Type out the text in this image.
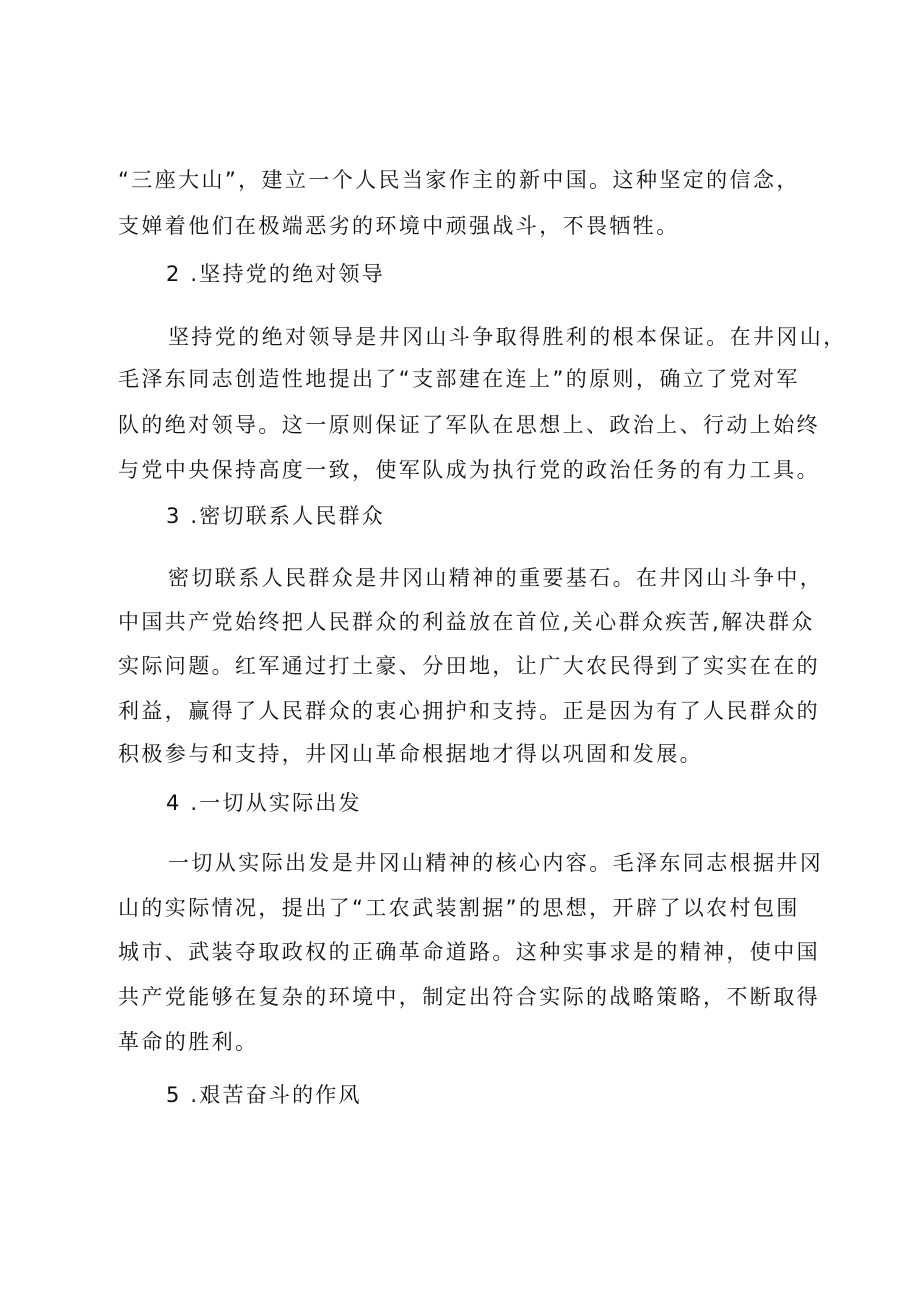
“三座大山”，建立一个人民当家作主的新中国。这种坚定的信念，
支婵着他们在极端恶劣的环境中顽强战斗，不畏牺牲。
2 .坚持党的绝对领导
坚持党的绝对领导是井冈山斗争取得胜利的根本保证。在井冈山，
毛泽东同志创造性地提出了“支部建在连上”的原则，确立了党对军
队的绝对领导。这一原则保证了军队在思想上、政治上、行动上始终
与党中央保持高度一致，使军队成为执行党的政治任务的有力工具。
3 .密切联系人民群众
密切联系人民群众是井冈山精神的重要基石。在井冈山斗争中，
中国共产党始终把人民群众的利益放在首位,关心群众疾苦,解决群众
实际问题。红军通过打土豪、分田地，让广大农民得到了实实在在的
利益，赢得了人民群众的衷心拥护和支持。正是因为有了人民群众的
积极参与和支持，井冈山革命根据地才得以巩固和发展。
4 .一切从实际出发
一切从实际出发是井冈山精神的核心内容。毛泽东同志根据井冈
山的实际情况，提出了“工农武装割据”的思想，开辟了以农村包围
城市、武装夺取政权的正确革命道路。这种实事求是的精神，使中国
共产党能够在复杂的环境中，制定出符合实际的战略策略，不断取得
革命的胜利。
5 .艰苦奋斗的作风
